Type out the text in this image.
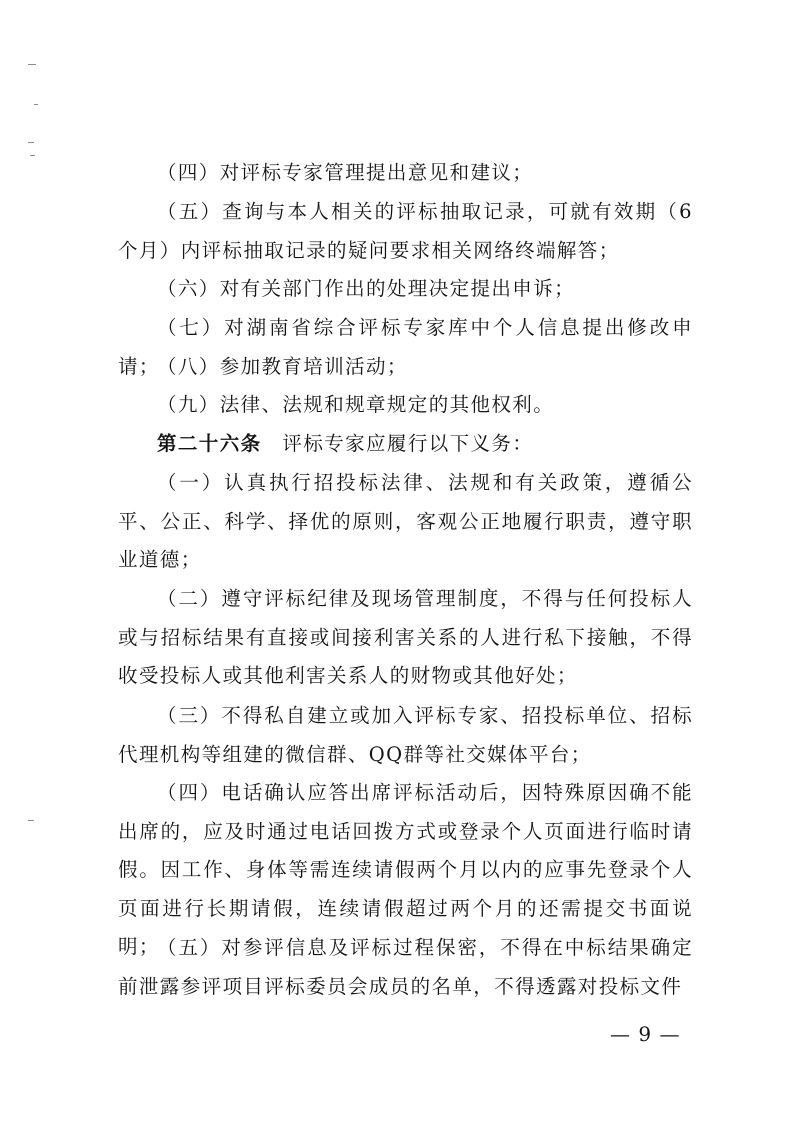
（四）对评标专家管理提出意见和建议；

（五）查询与本人相关的评标抽取记录，可就有效期（6个月）内评标抽取记录的疑问要求相关网络终端解答；

（六）对有关部门作出的处理决定提出申诉；

（七）对湖南省综合评标专家库中个人信息提出修改申请；

（八）参加教育培训活动；

（九）法律、法规和规章规定的其他权利。

第二十六条　评标专家应履行以下义务：

（一）认真执行招投标法律、法规和有关政策，遵循公平、公正、科学、择优的原则，客观公正地履行职责，遵守职业道德；

（二）遵守评标纪律及现场管理制度，不得与任何投标人或与招标结果有直接或间接利害关系的人进行私下接触，不得收受投标人或其他利害关系人的财物或其他好处；

（三）不得私自建立或加入评标专家、招投标单位、招标代理机构等组建的微信群、QQ群等社交媒体平台；

（四）电话确认应答出席评标活动后，因特殊原因确不能出席的，应及时通过电话回拨方式或登录个人页面进行临时请假。因工作、身体等需连续请假两个月以内的应事先登录个人页面进行长期请假，连续请假超过两个月的还需提交书面说明；

（五）对参评信息及评标过程保密，不得在中标结果确定前泄露参评项目评标委员会成员的名单，不得透露对投标文件

— 9 —
